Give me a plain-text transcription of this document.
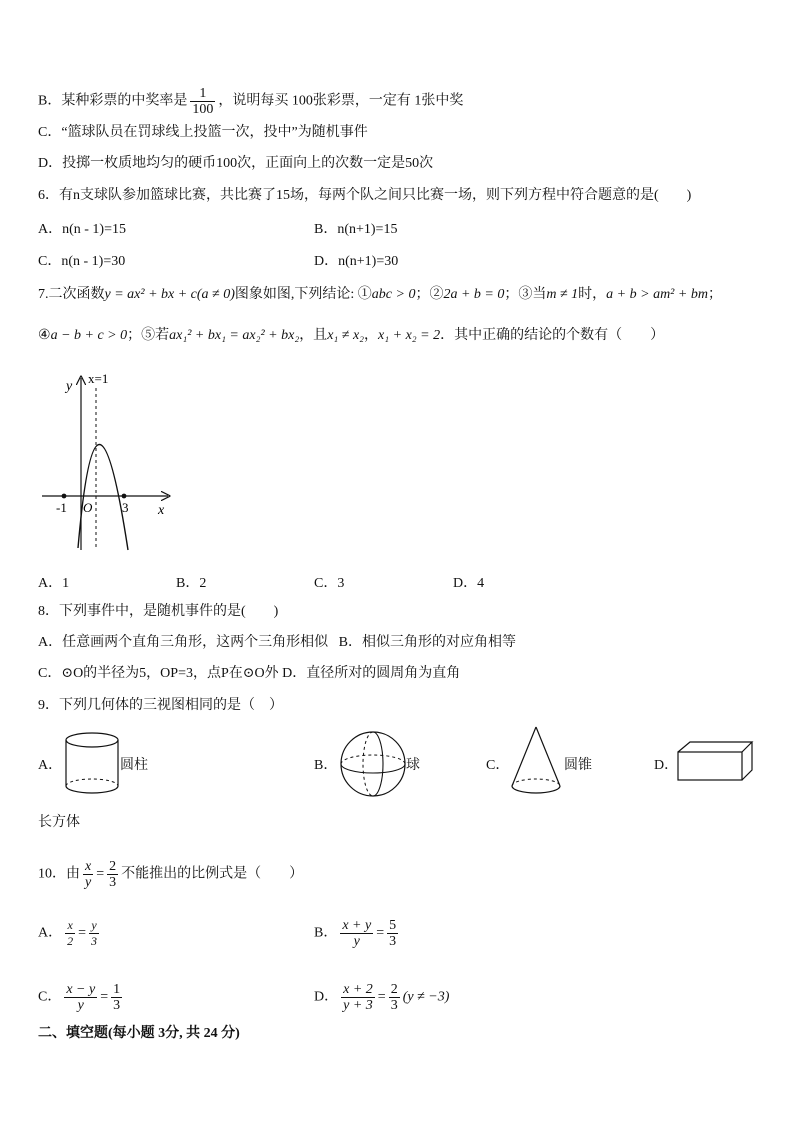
B．某种彩票的中奖率是 $\frac{1}{100}$ ，说明每买 100张彩票，一定有 1张中奖
C．“篮球队员在罚球线上投篮一次，投中”为随机事件
D．投掷一枚质地均匀的硬币100次，正面向上的次数一定是50次
6．有n支球队参加篮球比赛，共比赛了15场，每两个队之间只比赛一场，则下列方程中符合题意的是(　　)
A．n(n - 1)=15	B．n(n+1)=15
C．n(n - 1)=30	D．n(n+1)=30
7.二次函数y = ax² + bx + c(a ≠ 0)图象如图,下列结论: ①abc > 0；②2a + b = 0；③当m ≠ 1时，a + b > am² + bm；
④a − b + c > 0；⑤若ax₁² + bx₁ = ax₂² + bx₂，且x₁ ≠ x₂，x₁ + x₂ = 2．其中正确的结论的个数有（　　）
x=1
y
x
O
-1	3
A．1	B．2	C．3	D．4
8．下列事件中，是随机事件的是(　　)
A．任意画两个直角三角形，这两个三角形相似 B．相似三角形的对应角相等
C．⊙O的半径为5，OP=3，点P在⊙O外 D．直径所对的圆周角为直角
9．下列几何体的三视图相同的是（　）
A．	圆柱	B．	球	C．	圆锥	D．
长方体
10．由 $\frac{x}{y} = \frac{2}{3}$ 不能推出的比例式是（　　）
A． $\frac{x}{2} = \frac{y}{3}$	B． $\frac{x + y}{y} = \frac{5}{3}$
C． $\frac{x - y}{y} = \frac{1}{3}$	D． $\frac{x + 2}{y + 3} = \frac{2}{3} (y \ne -3)$
二、填空题(每小题 3分, 共 24 分)
